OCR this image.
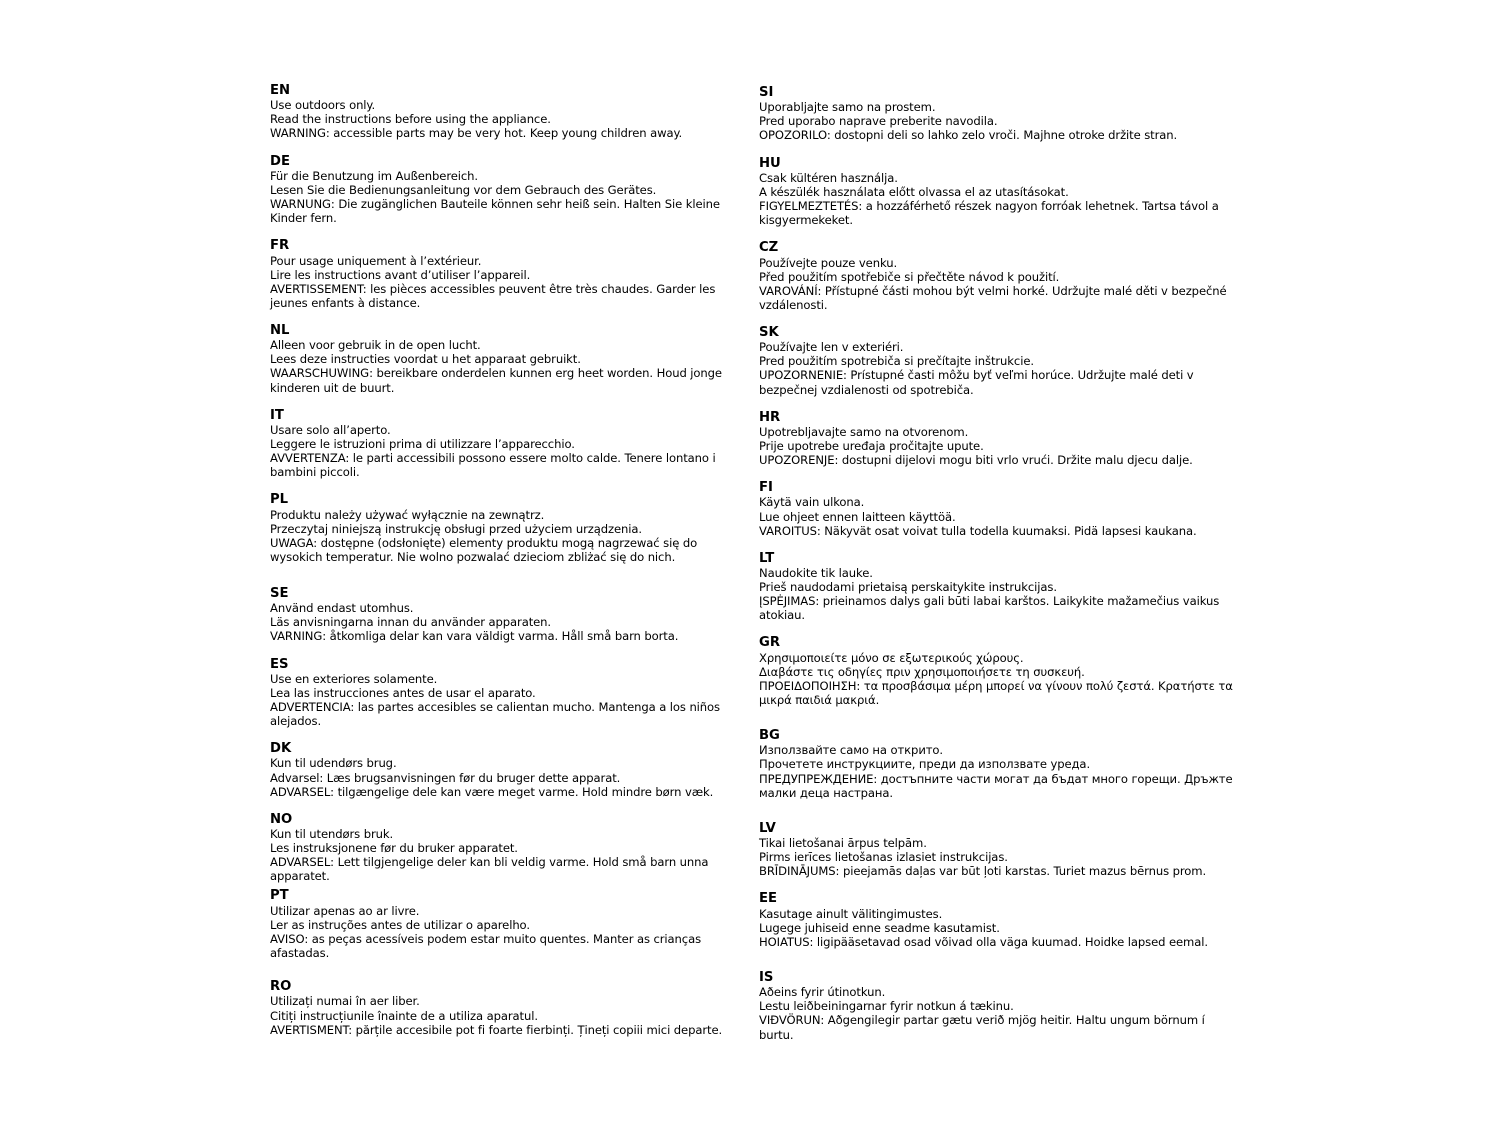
EN
Use outdoors only.
Read the instructions before using the appliance.
WARNING: accessible parts may be very hot. Keep young children away.
DE
Für die Benutzung im Außenbereich.
Lesen Sie die Bedienungsanleitung vor dem Gebrauch des Gerätes.
WARNUNG: Die zugänglichen Bauteile können sehr heiß sein. Halten Sie kleine Kinder fern.
FR
Pour usage uniquement à l’extérieur.
Lire les instructions avant d’utiliser l’appareil.
AVERTISSEMENT: les pièces accessibles peuvent être très chaudes. Garder les jeunes enfants à distance.
NL
Alleen voor gebruik in de open lucht.
Lees deze instructies voordat u het apparaat gebruikt.
WAARSCHUWING: bereikbare onderdelen kunnen erg heet worden. Houd jonge kinderen uit de buurt.
IT
Usare solo all’aperto.
Leggere le istruzioni prima di utilizzare l’apparecchio.
AVVERTENZA: le parti accessibili possono essere molto calde. Tenere lontano i bambini piccoli.
PL
Produktu należy używać wyłącznie na zewnątrz.
Przeczytaj niniejszą instrukcję obsługi przed użyciem urządzenia.
UWAGA: dostępne (odsłonięte) elementy produktu mogą nagrzewać się do wysokich temperatur. Nie wolno pozwalać dzieciom zbliżać się do nich.
SE
Använd endast utomhus.
Läs anvisningarna innan du använder apparaten.
VARNING: åtkomliga delar kan vara väldigt varma. Håll små barn borta.
ES
Use en exteriores solamente.
Lea las instrucciones antes de usar el aparato.
ADVERTENCIA: las partes accesibles se calientan mucho. Mantenga a los niños alejados.
DK
Kun til udendørs brug.
Advarsel: Læs brugsanvisningen før du bruger dette apparat.
ADVARSEL: tilgængelige dele kan være meget varme. Hold mindre børn væk.
NO
Kun til utendørs bruk.
Les instruksjonene før du bruker apparatet.
ADVARSEL: Lett tilgjengelige deler kan bli veldig varme. Hold små barn unna apparatet.
PT
Utilizar apenas ao ar livre.
Ler as instruções antes de utilizar o aparelho.
AVISO: as peças acessíveis podem estar muito quentes. Manter as crianças afastadas.
RO
Utilizați numai în aer liber.
Citiți instrucțiunile înainte de a utiliza aparatul.
AVERTISMENT: părțile accesibile pot fi foarte fierbinți. Țineți copiii mici departe.
SI
Uporabljajte samo na prostem.
Pred uporabo naprave preberite navodila.
OPOZORILO: dostopni deli so lahko zelo vroči. Majhne otroke držite stran.
HU
Csak kültéren használja.
A készülék használata előtt olvassa el az utasításokat.
FIGYELMEZTETÉS: a hozzáférhető részek nagyon forróak lehetnek. Tartsa távol a kisgyermekeket.
CZ
Používejte pouze venku.
Před použitím spotřebiče si přečtěte návod k použití.
VAROVÁNÍ: Přístupné části mohou být velmi horké. Udržujte malé děti v bezpečné vzdálenosti.
SK
Používajte len v exteriéri.
Pred použitím spotrebiča si prečítajte inštrukcie.
UPOZORNENIE: Prístupné časti môžu byť veľmi horúce. Udržujte malé deti v bezpečnej vzdialenosti od spotrebiča.
HR
Upotrebljavajte samo na otvorenom.
Prije upotrebe uređaja pročitajte upute.
UPOZORENJE: dostupni dijelovi mogu biti vrlo vrući. Držite malu djecu dalje.
FI
Käytä vain ulkona.
Lue ohjeet ennen laitteen käyttöä.
VAROITUS: Näkyvät osat voivat tulla todella kuumaksi. Pidä lapsesi kaukana.
LT
Naudokite tik lauke.
Prieš naudodami prietaisą perskaitykite instrukcijas.
ĮSPĖJIMAS: prieinamos dalys gali būti labai karštos. Laikykite mažamečius vaikus atokiau.
GR
Χρησιμοποιείτε μόνο σε εξωτερικούς χώρους.
Διαβάστε τις οδηγίες πριν χρησιμοποιήσετε τη συσκευή.
ΠΡΟΕΙΔΟΠΟΙΗΣΗ: τα προσβάσιμα μέρη μπορεί να γίνουν πολύ ζεστά. Κρατήστε τα μικρά παιδιά μακριά.
BG
Използвайте само на открито.
Прочетете инструкциите, преди да използвате уреда.
ПРЕДУПРЕЖДЕНИЕ: достъпните части могат да бъдат много горещи. Дръжте малки деца настрана.
LV
Tikai lietošanai ārpus telpām.
Pirms ierīces lietošanas izlasiet instrukcijas.
BRĪDINĀJUMS: pieejamās daļas var būt ļoti karstas. Turiet mazus bērnus prom.
EE
Kasutage ainult välitingimustes.
Lugege juhiseid enne seadme kasutamist.
HOIATUS: ligipääsetavad osad võivad olla väga kuumad. Hoidke lapsed eemal.
IS
Aðeins fyrir útinotkun.
Lestu leiðbeiningarnar fyrir notkun á tækinu.
VIÐVÖRUN: Aðgengilegir partar gætu verið mjög heitir. Haltu ungum börnum í burtu.
